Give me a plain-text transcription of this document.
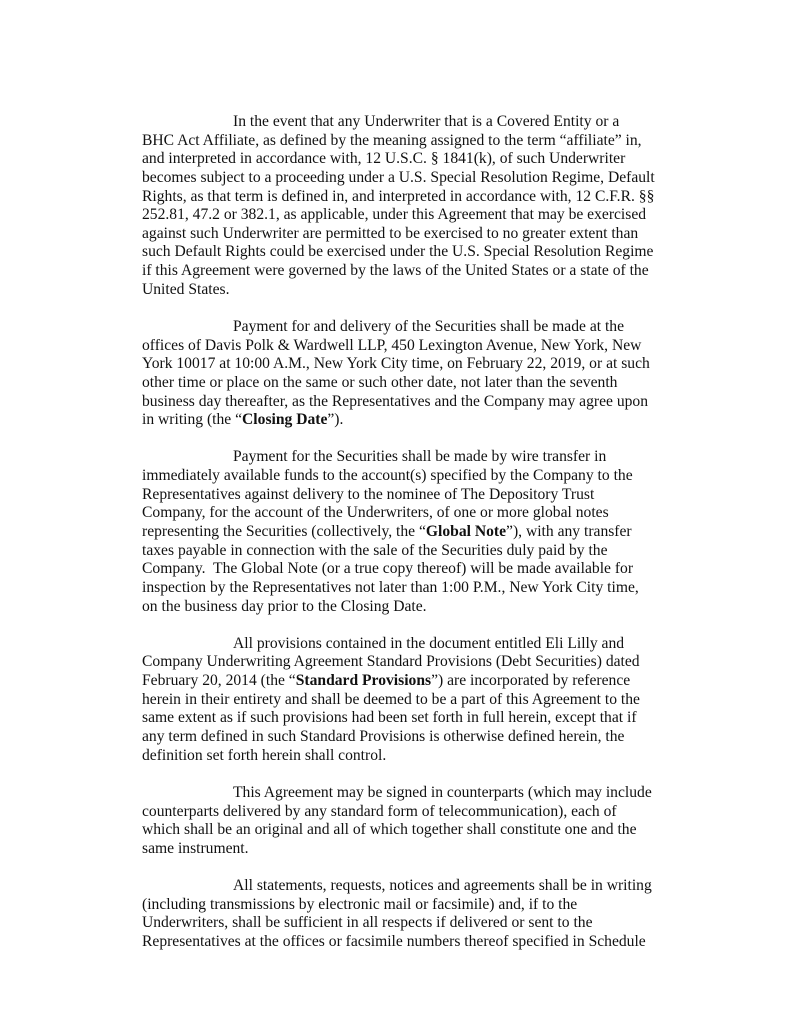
In the event that any Underwriter that is a Covered Entity or a
BHC Act Affiliate, as defined by the meaning assigned to the term “affiliate” in,
and interpreted in accordance with, 12 U.S.C. § 1841(k), of such Underwriter
becomes subject to a proceeding under a U.S. Special Resolution Regime, Default
Rights, as that term is defined in, and interpreted in accordance with, 12 C.F.R. §§
252.81, 47.2 or 382.1, as applicable, under this Agreement that may be exercised
against such Underwriter are permitted to be exercised to no greater extent than
such Default Rights could be exercised under the U.S. Special Resolution Regime
if this Agreement were governed by the laws of the United States or a state of the
United States.

Payment for and delivery of the Securities shall be made at the
offices of Davis Polk & Wardwell LLP, 450 Lexington Avenue, New York, New
York 10017 at 10:00 A.M., New York City time, on February 22, 2019, or at such
other time or place on the same or such other date, not later than the seventh
business day thereafter, as the Representatives and the Company may agree upon
in writing (the “Closing Date”).

Payment for the Securities shall be made by wire transfer in
immediately available funds to the account(s) specified by the Company to the
Representatives against delivery to the nominee of The Depository Trust
Company, for the account of the Underwriters, of one or more global notes
representing the Securities (collectively, the “Global Note”), with any transfer
taxes payable in connection with the sale of the Securities duly paid by the
Company.  The Global Note (or a true copy thereof) will be made available for
inspection by the Representatives not later than 1:00 P.M., New York City time,
on the business day prior to the Closing Date.

All provisions contained in the document entitled Eli Lilly and
Company Underwriting Agreement Standard Provisions (Debt Securities) dated
February 20, 2014 (the “Standard Provisions”) are incorporated by reference
herein in their entirety and shall be deemed to be a part of this Agreement to the
same extent as if such provisions had been set forth in full herein, except that if
any term defined in such Standard Provisions is otherwise defined herein, the
definition set forth herein shall control.

This Agreement may be signed in counterparts (which may include
counterparts delivered by any standard form of telecommunication), each of
which shall be an original and all of which together shall constitute one and the
same instrument.

All statements, requests, notices and agreements shall be in writing
(including transmissions by electronic mail or facsimile) and, if to the
Underwriters, shall be sufficient in all respects if delivered or sent to the
Representatives at the offices or facsimile numbers thereof specified in Schedule
